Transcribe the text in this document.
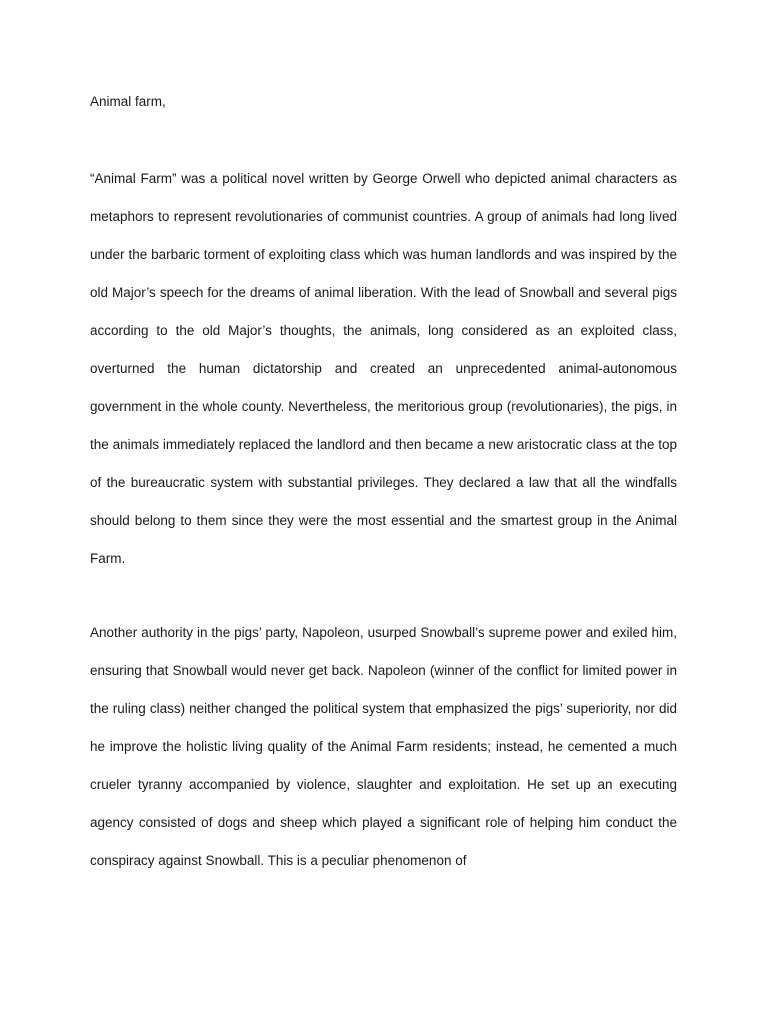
Animal farm,

“Animal Farm” was a political novel written by George Orwell who depicted animal characters as metaphors to represent revolutionaries of communist countries. A group of animals had long lived under the barbaric torment of exploiting class which was human landlords and was inspired by the old Major’s speech for the dreams of animal liberation. With the lead of Snowball and several pigs according to the old Major’s thoughts, the animals, long considered as an exploited class, overturned the human dictatorship and created an unprecedented animal-autonomous government in the whole county. Nevertheless, the meritorious group (revolutionaries), the pigs, in the animals immediately replaced the landlord and then became a new aristocratic class at the top of the bureaucratic system with substantial privileges. They declared a law that all the windfalls should belong to them since they were the most essential and the smartest group in the Animal Farm.

Another authority in the pigs’ party, Napoleon, usurped Snowball’s supreme power and exiled him, ensuring that Snowball would never get back. Napoleon (winner of the conflict for limited power in the ruling class) neither changed the political system that emphasized the pigs’ superiority, nor did he improve the holistic living quality of the Animal Farm residents; instead, he cemented a much crueler tyranny accompanied by violence, slaughter and exploitation. He set up an executing agency consisted of dogs and sheep which played a significant role of helping him conduct the conspiracy against Snowball. This is a peculiar phenomenon of
